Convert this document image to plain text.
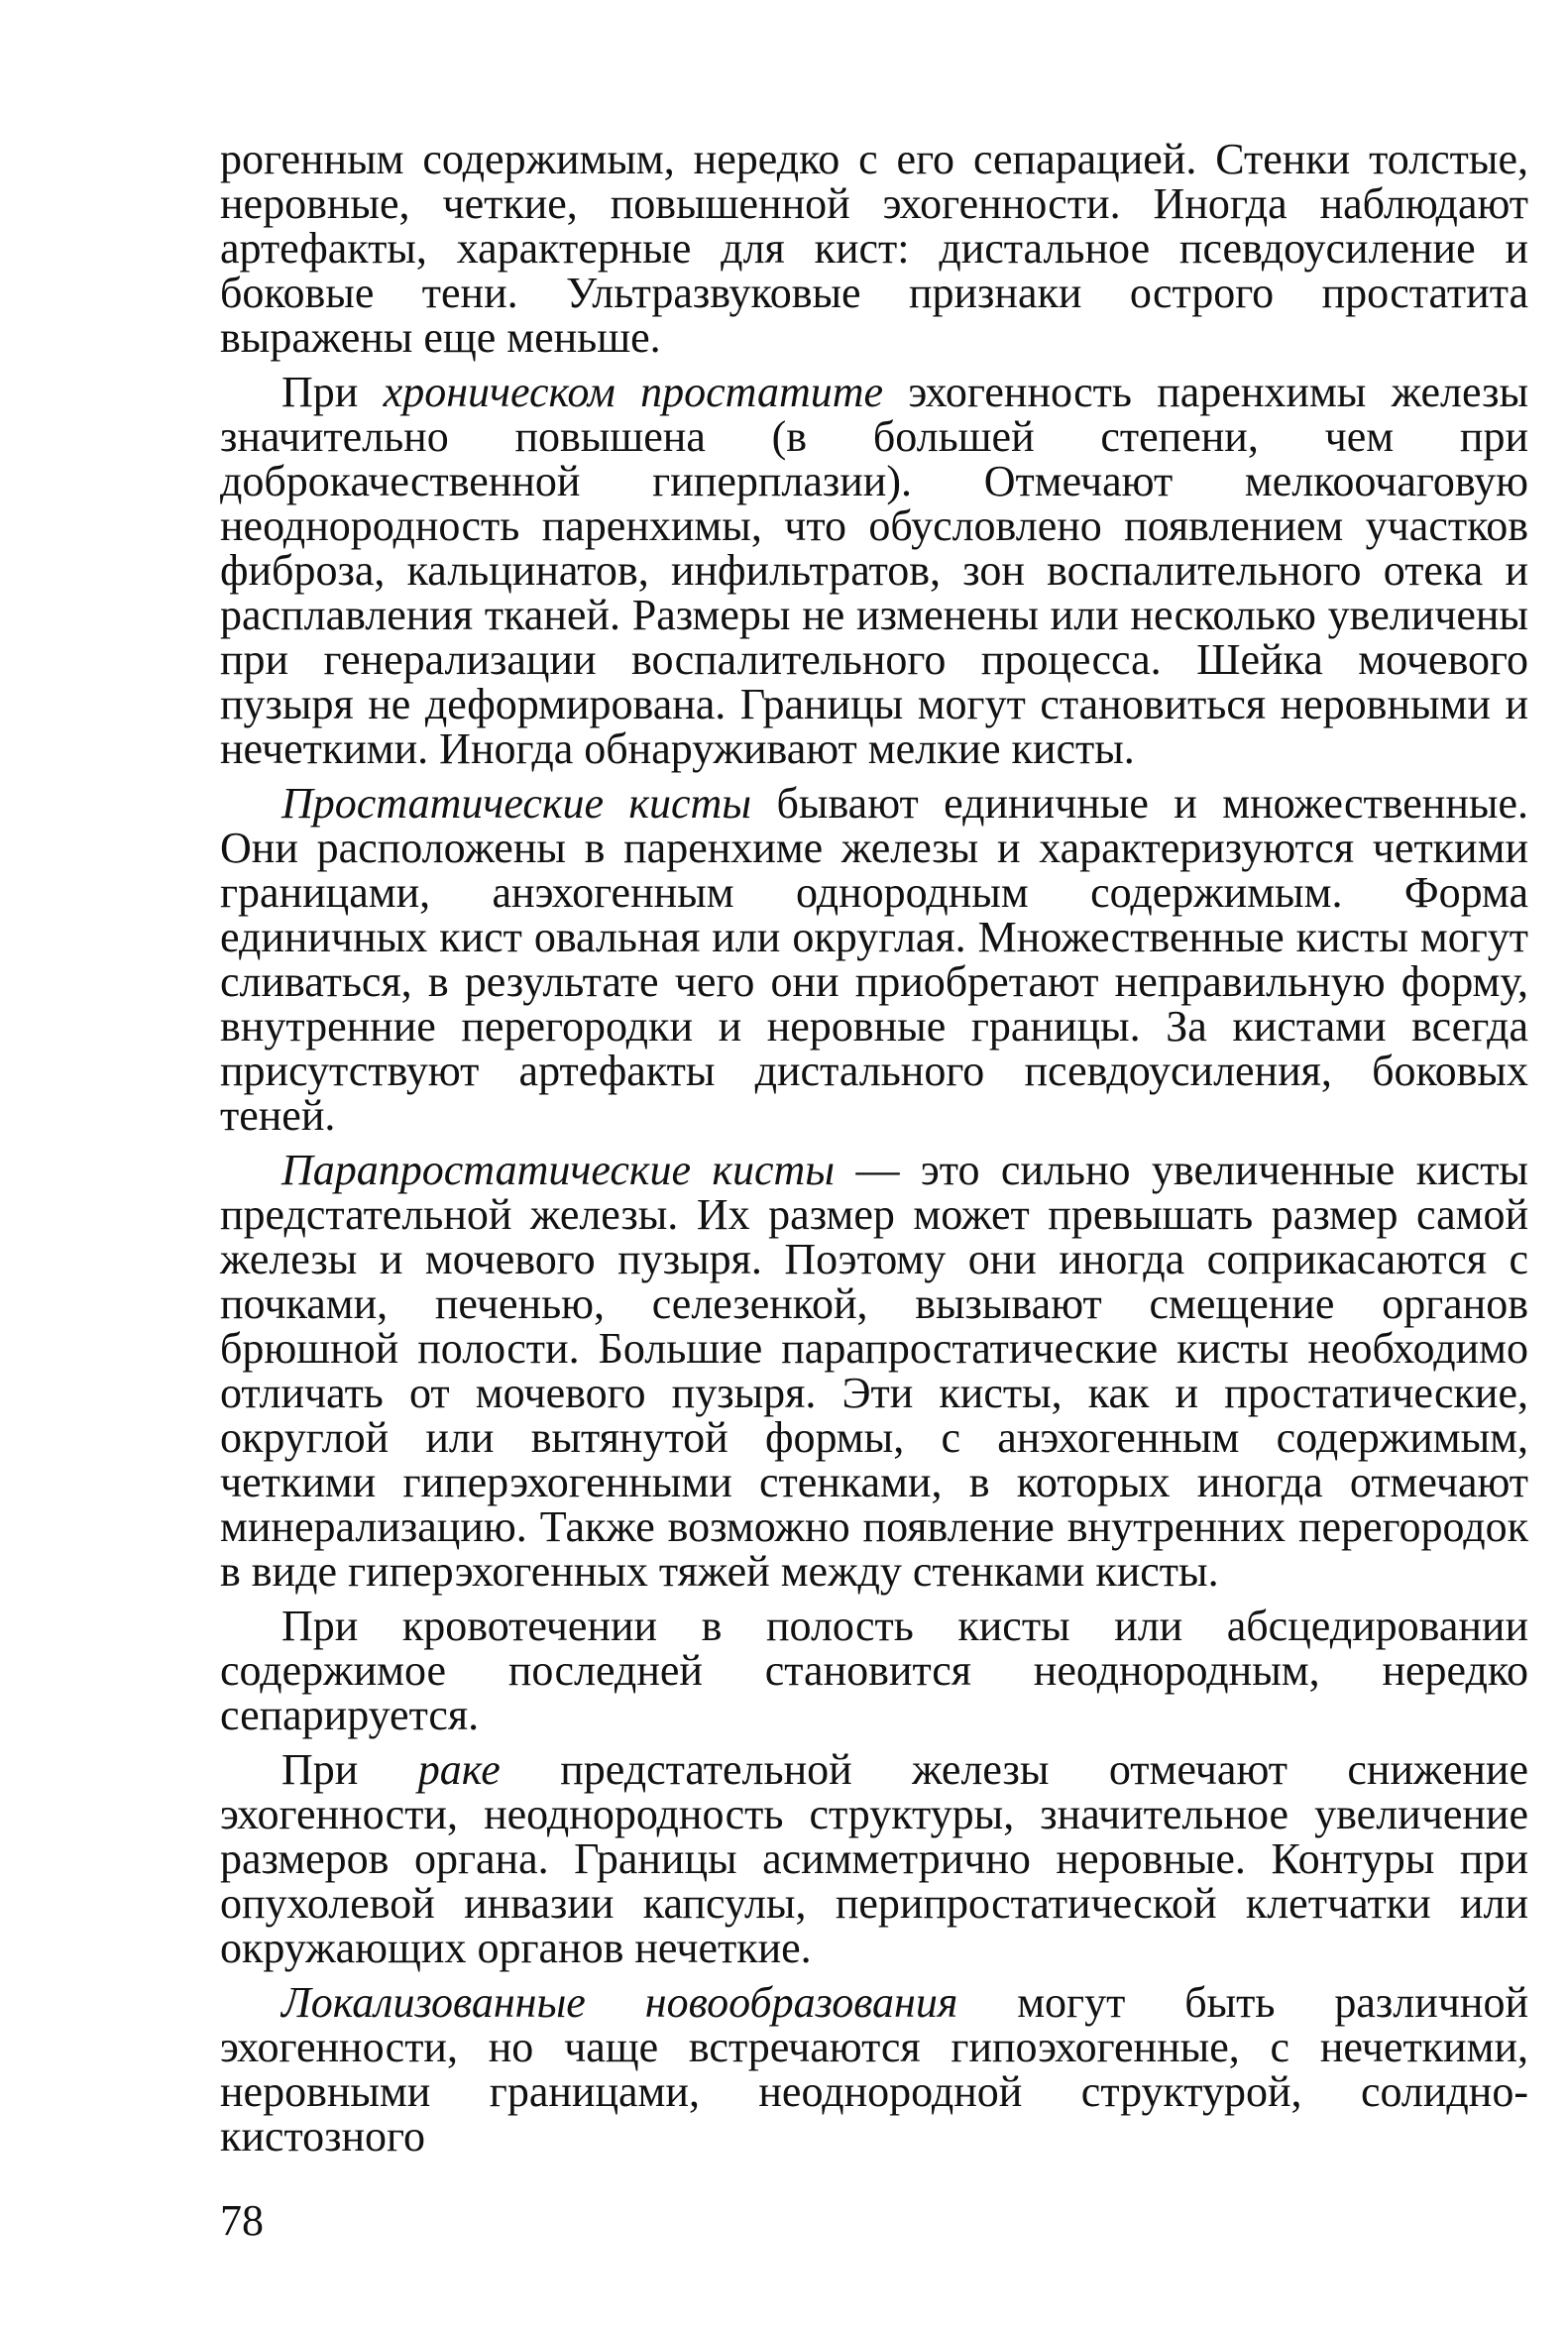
рогенным содержимым, нередко с его сепарацией. Стенки толстые, неровные, четкие, повышенной эхогенности. Иногда наблюдают артефакты, характерные для кист: дистальное псевдоусиление и боковые тени. Ультразвуковые признаки острого простатита выражены еще меньше.

При хроническом простатите эхогенность паренхимы железы значительно повышена (в большей степени, чем при доброкачественной гиперплазии). Отмечают мелкоочаговую неоднородность паренхимы, что обусловлено появлением участков фиброза, кальцинатов, инфильтратов, зон воспалительного отека и расплавления тканей. Размеры не изменены или несколько увеличены при генерализации воспалительного процесса. Шейка мочевого пузыря не деформирована. Границы могут становиться неровными и нечеткими. Иногда обнаруживают мелкие кисты.

Простатические кисты бывают единичные и множественные. Они расположены в паренхиме железы и характеризуются четкими границами, анэхогенным однородным содержимым. Форма единичных кист овальная или округлая. Множественные кисты могут сливаться, в результате чего они приобретают неправильную форму, внутренние перегородки и неровные границы. За кистами всегда присутствуют артефакты дистального псевдоусиления, боковых теней.

Парапростатические кисты — это сильно увеличенные кисты предстательной железы. Их размер может превышать размер самой железы и мочевого пузыря. Поэтому они иногда соприкасаются с почками, печенью, селезенкой, вызывают смещение органов брюшной полости. Большие парапростатические кисты необходимо отличать от мочевого пузыря. Эти кисты, как и простатические, округлой или вытянутой формы, с анэхогенным содержимым, четкими гиперэхогенными стенками, в которых иногда отмечают минерализацию. Также возможно появление внутренних перегородок в виде гиперэхогенных тяжей между стенками кисты.

При кровотечении в полость кисты или абсцедировании содержимое последней становится неоднородным, нередко сепарируется.

При раке предстательной железы отмечают снижение эхогенности, неоднородность структуры, значительное увеличение размеров органа. Границы асимметрично неровные. Контуры при опухолевой инвазии капсулы, перипростатической клетчатки или окружающих органов нечеткие.

Локализованные новообразования могут быть различной эхогенности, но чаще встречаются гипоэхогенные, с нечеткими, неровными границами, неоднородной структурой, солидно-кистозного

78
